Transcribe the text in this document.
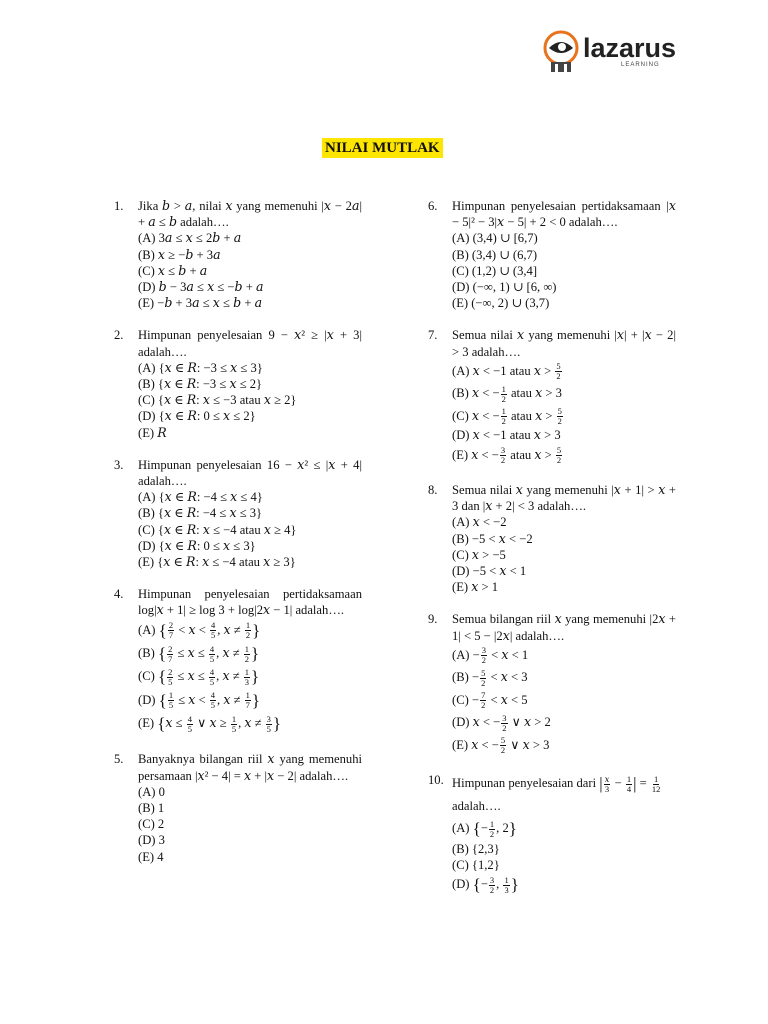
lazarus
LEARNING
NILAI MUTLAK
1. Jika 𝑏 > 𝑎, nilai 𝑥 yang memenuhi |𝑥 − 2𝑎| + 𝑎 ≤ 𝑏 adalah….
(A) 3𝑎 ≤ 𝑥 ≤ 2𝑏 + 𝑎
(B) 𝑥 ≥ −𝑏 + 3𝑎
(C) 𝑥 ≤ 𝑏 + 𝑎
(D) 𝑏 − 3𝑎 ≤ 𝑥 ≤ −𝑏 + 𝑎
(E) −𝑏 + 3𝑎 ≤ 𝑥 ≤ 𝑏 + 𝑎
2. Himpunan penyelesaian 9 − 𝑥² ≥ |𝑥 + 3| adalah….
(A) {𝑥 ∈ 𝑅: −3 ≤ 𝑥 ≤ 3}
(B) {𝑥 ∈ 𝑅: −3 ≤ 𝑥 ≤ 2}
(C) {𝑥 ∈ 𝑅: 𝑥 ≤ −3 atau 𝑥 ≥ 2}
(D) {𝑥 ∈ 𝑅: 0 ≤ 𝑥 ≤ 2}
(E) 𝑅
3. Himpunan penyelesaian 16 − 𝑥² ≤ |𝑥 + 4| adalah….
(A) {𝑥 ∈ 𝑅: −4 ≤ 𝑥 ≤ 4}
(B) {𝑥 ∈ 𝑅: −4 ≤ 𝑥 ≤ 3}
(C) {𝑥 ∈ 𝑅: 𝑥 ≤ −4 atau 𝑥 ≥ 4}
(D) {𝑥 ∈ 𝑅: 0 ≤ 𝑥 ≤ 3}
(E) {𝑥 ∈ 𝑅: 𝑥 ≤ −4 atau 𝑥 ≥ 3}
4. Himpunan penyelesaian pertidaksamaan log|𝑥 + 1| ≥ log 3 + log|2𝑥 − 1| adalah….
(A) { $\frac{2}{7}$ < 𝑥 < $\frac{4}{5}$ , 𝑥 ≠ $\frac{1}{2}$ }
(B) { $\frac{2}{7}$ ≤ 𝑥 ≤ $\frac{4}{5}$ , 𝑥 ≠ $\frac{1}{2}$ }
(C) { $\frac{2}{5}$ ≤ 𝑥 ≤ $\frac{4}{5}$ , 𝑥 ≠ $\frac{1}{3}$ }
(D) { $\frac{1}{5}$ ≤ 𝑥 < $\frac{4}{5}$ , 𝑥 ≠ $\frac{1}{7}$ }
(E) {𝑥 ≤ $\frac{4}{5}$ ∨ 𝑥 ≥ $\frac{1}{5}$ , 𝑥 ≠ $\frac{3}{5}$ }
5. Banyaknya bilangan riil 𝑥 yang memenuhi persamaan |𝑥² − 4| = 𝑥 + |𝑥 − 2| adalah….
(A) 0
(B) 1
(C) 2
(D) 3
(E) 4
6. Himpunan penyelesaian pertidaksamaan |𝑥 − 5|² − 3|𝑥 − 5| + 2 < 0 adalah….
(A) (3,4) ∪ [6,7)
(B) (3,4) ∪ (6,7)
(C) (1,2) ∪ (3,4]
(D) (−∞, 1) ∪ [6, ∞)
(E) (−∞, 2) ∪ (3,7)
7. Semua nilai 𝑥 yang memenuhi |𝑥| + |𝑥 − 2| > 3 adalah….
(A) 𝑥 < −1 atau 𝑥 > $\frac{5}{2}$
(B) 𝑥 < − $\frac{1}{2}$ atau 𝑥 > 3
(C) 𝑥 < − $\frac{1}{2}$ atau 𝑥 > $\frac{5}{2}$
(D) 𝑥 < −1 atau 𝑥 > 3
(E) 𝑥 < − $\frac{3}{2}$ atau 𝑥 > $\frac{5}{2}$
8. Semua nilai 𝑥 yang memenuhi |𝑥 + 1| > 𝑥 + 3 dan |𝑥 + 2| < 3 adalah….
(A) 𝑥 < −2
(B) −5 < 𝑥 < −2
(C) 𝑥 > −5
(D) −5 < 𝑥 < 1
(E) 𝑥 > 1
9. Semua bilangan riil 𝑥 yang memenuhi |2𝑥 + 1| < 5 − |2𝑥| adalah….
$(A) - \frac{3}{2}$ < 𝑥 < 1
$(B) - \frac{5}{2}$ < 𝑥 < 3
$(C) - \frac{7}{2}$ < 𝑥 < 5
(D) 𝑥 < − $\frac{3}{2}$ ∨ 𝑥 > 2
(E) 𝑥 < − $\frac{5}{2}$ ∨ 𝑥 > 3
10. Himpunan penyelesaian dari | 𝑥
$3 - \frac{1}{4}$ | = $\frac{1}{12}$

adalah….
(A) {− $\frac{1}{2}$ , 2}
(B) {2,3}
(C) {1,2}
(D) {− $\frac{3}{2}$ , $\frac{1}{3}$ }
